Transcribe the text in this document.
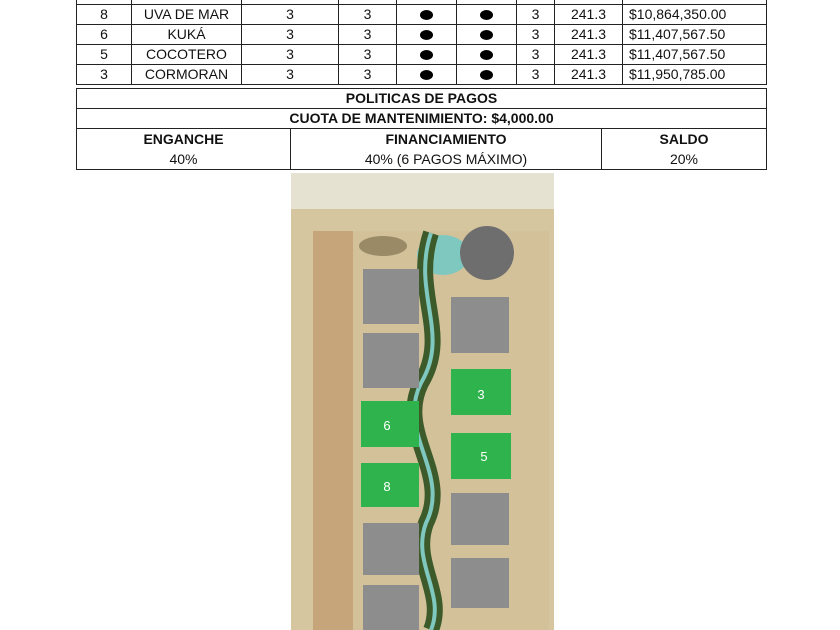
8	UVA DE MAR	3	3			3	241.3	$10,864,350.00
6	KUKÁ	3	3			3	241.3	$11,407,567.50
5	COCOTERO	3	3			3	241.3	$11,407,567.50
3	CORMORAN	3	3			3	241.3	$11,950,785.00
POLITICAS DE PAGOS
CUOTA DE MANTENIMIENTO: $4,000.00

ENGANCHE
40%

FINANCIAMIENTO
40% (6 PAGOS MÁXIMO)

SALDO
20%
6
8
3
5
